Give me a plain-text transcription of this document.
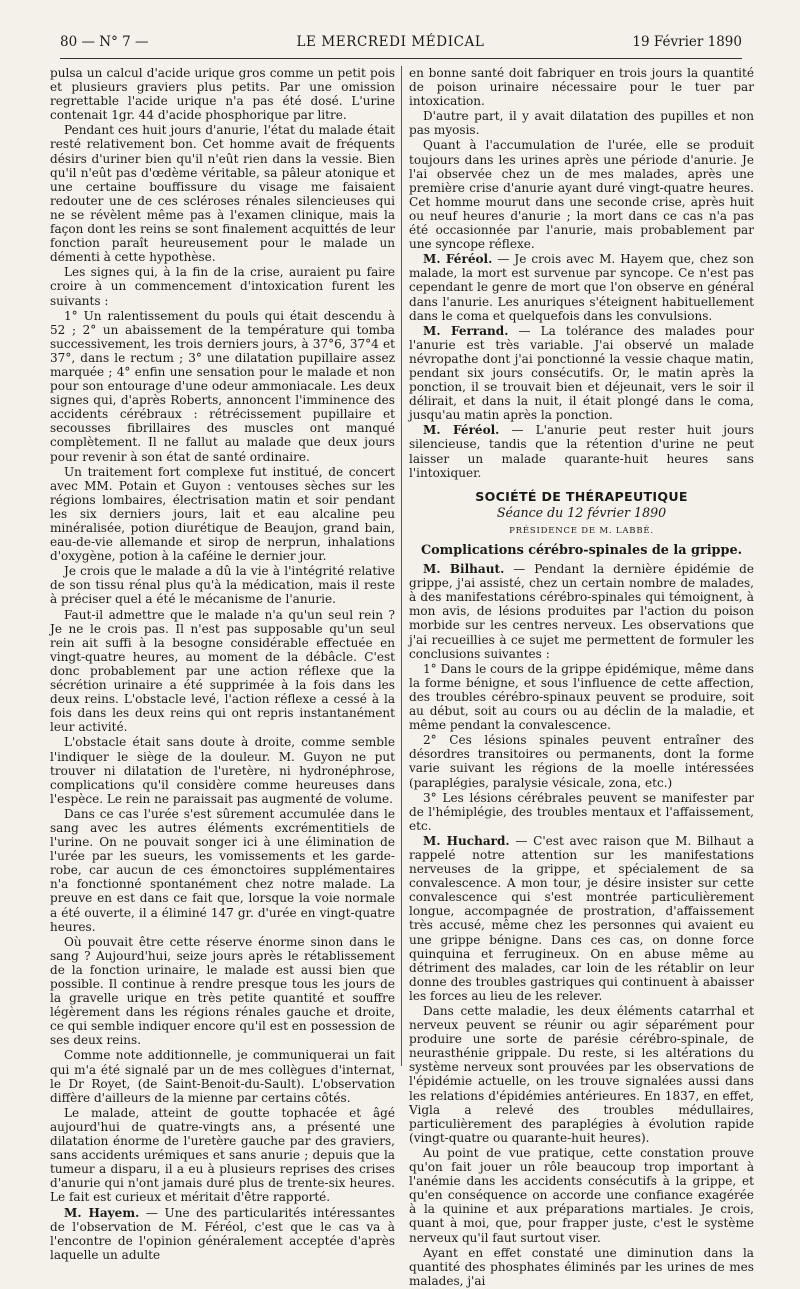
80 — N° 7 —	LE MERCREDI MÉDICAL	19 Février 1890

pulsa un calcul d'acide urique gros comme un petit pois et plusieurs graviers plus petits. Par une omission regrettable l'acide urique n'a pas été dosé. L'urine contenait 1gr. 44 d'acide phosphorique par litre.

Pendant ces huit jours d'anurie, l'état du malade était resté relativement bon. Cet homme avait de fréquents désirs d'uriner bien qu'il n'eût rien dans la vessie. Bien qu'il n'eût pas d'œdème véritable, sa pâleur atonique et une certaine bouffissure du visage me faisaient redouter une de ces scléroses rénales silencieuses qui ne se révèlent même pas à l'examen clinique, mais la façon dont les reins se sont finalement acquittés de leur fonction paraît heureusement pour le malade un démenti à cette hypothèse.

Les signes qui, à la fin de la crise, auraient pu faire croire à un commencement d'intoxication furent les suivants :

1° Un ralentissement du pouls qui était descendu à 52 ; 2° un abaissement de la température qui tomba successivement, les trois derniers jours, à 37°6, 37°4 et 37°, dans le rectum ; 3° une dilatation pupillaire assez marquée ; 4° enfin une sensation pour le malade et non pour son entourage d'une odeur ammoniacale. Les deux signes qui, d'après Roberts, annoncent l'imminence des accidents cérébraux : rétrécissement pupillaire et secousses fibrillaires des muscles ont manqué complètement. Il ne fallut au malade que deux jours pour revenir à son état de santé ordinaire.

Un traitement fort complexe fut institué, de concert avec MM. Potain et Guyon : ventouses sèches sur les régions lombaires, électrisation matin et soir pendant les six derniers jours, lait et eau alcaline peu minéralisée, potion diurétique de Beaujon, grand bain, eau-de-vie allemande et sirop de nerprun, inhalations d'oxygène, potion à la caféine le dernier jour.

Je crois que le malade a dû la vie à l'intégrité relative de son tissu rénal plus qu'à la médication, mais il reste à préciser quel a été le mécanisme de l'anurie.

Faut-il admettre que le malade n'a qu'un seul rein ? Je ne le crois pas. Il n'est pas supposable qu'un seul rein ait suffi à la besogne considérable effectuée en vingt-quatre heures, au moment de la débâcle. C'est donc probablement par une action réflexe que la sécrétion urinaire a été supprimée à la fois dans les deux reins. L'obstacle levé, l'action réflexe a cessé à la fois dans les deux reins qui ont repris instantanément leur activité.

L'obstacle était sans doute à droite, comme semble l'indiquer le siège de la douleur. M. Guyon ne put trouver ni dilatation de l'uretère, ni hydronéphrose, complications qu'il considère comme heureuses dans l'espèce. Le rein ne paraissait pas augmenté de volume.

Dans ce cas l'urée s'est sûrement accumulée dans le sang avec les autres éléments excrémentitiels de l'urine. On ne pouvait songer ici à une élimination de l'urée par les sueurs, les vomissements et les garde-robe, car aucun de ces émonctoires supplémentaires n'a fonctionné spontanément chez notre malade. La preuve en est dans ce fait que, lorsque la voie normale a été ouverte, il a éliminé 147 gr. d'urée en vingt-quatre heures.

Où pouvait être cette réserve énorme sinon dans le sang ? Aujourd'hui, seize jours après le rétablissement de la fonction urinaire, le malade est aussi bien que possible. Il continue à rendre presque tous les jours de la gravelle urique en très petite quantité et souffre légèrement dans les régions rénales gauche et droite, ce qui semble indiquer encore qu'il est en possession de ses deux reins.

Comme note additionnelle, je communiquerai un fait qui m'a été signalé par un de mes collègues d'internat, le Dr Royet, (de Saint-Benoit-du-Sault). L'observation diffère d'ailleurs de la mienne par certains côtés.

Le malade, atteint de goutte tophacée et âgé aujourd'hui de quatre-vingts ans, a présenté une dilatation énorme de l'uretère gauche par des graviers, sans accidents urémiques et sans anurie ; depuis que la tumeur a disparu, il a eu à plusieurs reprises des crises d'anurie qui n'ont jamais duré plus de trente-six heures. Le fait est curieux et méritait d'être rapporté.

M. Hayem. — Une des particularités intéressantes de l'observation de M. Féréol, c'est que le cas va à l'encontre de l'opinion généralement acceptée d'après laquelle un adulte

en bonne santé doit fabriquer en trois jours la quantité de poison urinaire nécessaire pour le tuer par intoxication.

D'autre part, il y avait dilatation des pupilles et non pas myosis.

Quant à l'accumulation de l'urée, elle se produit toujours dans les urines après une période d'anurie. Je l'ai observée chez un de mes malades, après une première crise d'anurie ayant duré vingt-quatre heures. Cet homme mourut dans une seconde crise, après huit ou neuf heures d'anurie ; la mort dans ce cas n'a pas été occasionnée par l'anurie, mais probablement par une syncope réflexe.

M. Féréol. — Je crois avec M. Hayem que, chez son malade, la mort est survenue par syncope. Ce n'est pas cependant le genre de mort que l'on observe en général dans l'anurie. Les anuriques s'éteignent habituellement dans le coma et quelquefois dans les convulsions.

M. Ferrand. — La tolérance des malades pour l'anurie est très variable. J'ai observé un malade névropathe dont j'ai ponctionné la vessie chaque matin, pendant six jours consécutifs. Or, le matin après la ponction, il se trouvait bien et déjeunait, vers le soir il délirait, et dans la nuit, il était plongé dans le coma, jusqu'au matin après la ponction.

M. Féréol. — L'anurie peut rester huit jours silencieuse, tandis que la rétention d'urine ne peut laisser un malade quarante-huit heures sans l'intoxiquer.

SOCIÉTÉ DE THÉRAPEUTIQUE
Séance du 12 février 1890
PRÉSIDENCE DE M. LABBÉ.
Complications cérébro-spinales de la grippe.

M. Bilhaut. — Pendant la dernière épidémie de grippe, j'ai assisté, chez un certain nombre de malades, à des manifestations cérébro-spinales qui témoignent, à mon avis, de lésions produites par l'action du poison morbide sur les centres nerveux. Les observations que j'ai recueillies à ce sujet me permettent de formuler les conclusions suivantes :

1° Dans le cours de la grippe épidémique, même dans la forme bénigne, et sous l'influence de cette affection, des troubles cérébro-spinaux peuvent se produire, soit au début, soit au cours ou au déclin de la maladie, et même pendant la convalescence.

2° Ces lésions spinales peuvent entraîner des désordres transitoires ou permanents, dont la forme varie suivant les régions de la moelle intéressées (paraplégies, paralysie vésicale, zona, etc.)

3° Les lésions cérébrales peuvent se manifester par de l'hémiplégie, des troubles mentaux et l'affaissement, etc.

M. Huchard. — C'est avec raison que M. Bilhaut a rappelé notre attention sur les manifestations nerveuses de la grippe, et spécialement de sa convalescence. A mon tour, je désire insister sur cette convalescence qui s'est montrée particulièrement longue, accompagnée de prostration, d'affaissement très accusé, même chez les personnes qui avaient eu une grippe bénigne. Dans ces cas, on donne force quinquina et ferrugineux. On en abuse même au détriment des malades, car loin de les rétablir on leur donne des troubles gastriques qui continuent à abaisser les forces au lieu de les relever.

Dans cette maladie, les deux éléments catarrhal et nerveux peuvent se réunir ou agir séparément pour produire une sorte de parésie cérébro-spinale, de neurasthénie grippale. Du reste, si les altérations du système nerveux sont prouvées par les observations de l'épidémie actuelle, on les trouve signalées aussi dans les relations d'épidémies antérieures. En 1837, en effet, Vigla a relevé des troubles médullaires, particulièrement des paraplégies à évolution rapide (vingt-quatre ou quarante-huit heures).

Au point de vue pratique, cette constation prouve qu'on fait jouer un rôle beaucoup trop important à l'anémie dans les accidents consécutifs à la grippe, et qu'en conséquence on accorde une confiance exagérée à la quinine et aux préparations martiales. Je crois, quant à moi, que, pour frapper juste, c'est le système nerveux qu'il faut surtout viser.

Ayant en effet constaté une diminution dans la quantité des phosphates éliminés par les urines de mes malades, j'ai
